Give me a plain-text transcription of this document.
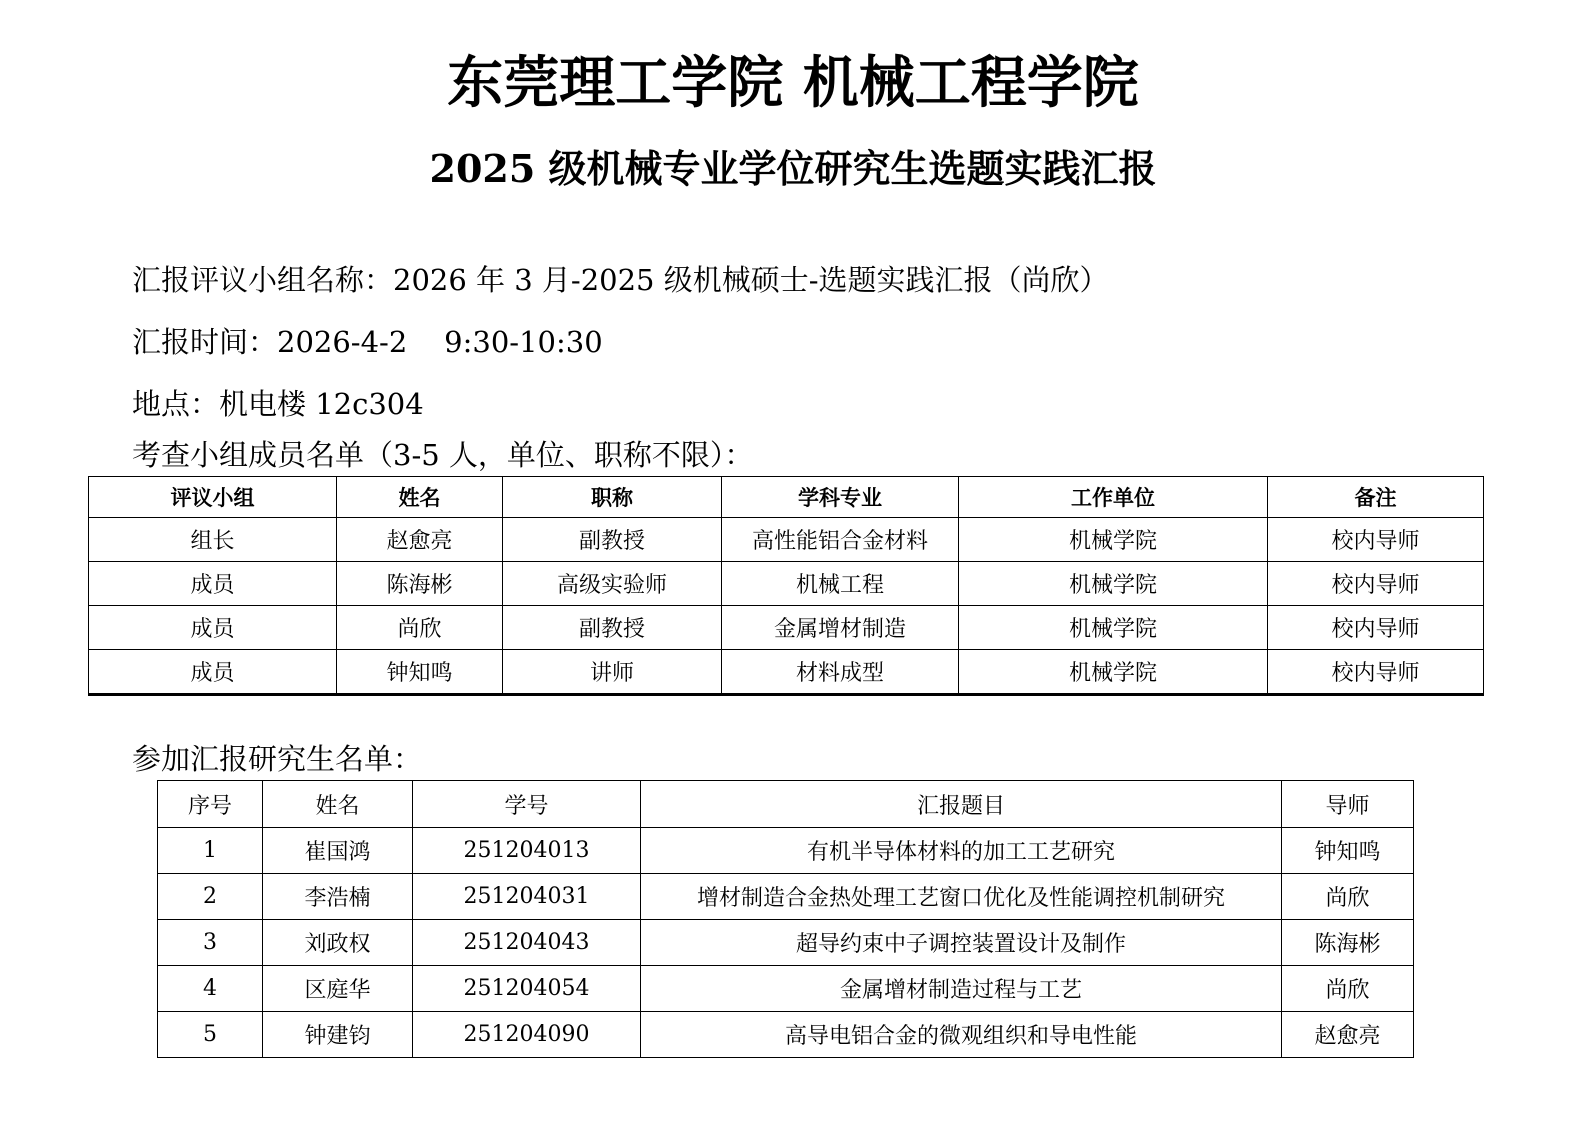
东莞理工学院 机械工程学院
2025 级机械专业学位研究生选题实践汇报
汇报评议小组名称：2026 年 3 月-2025 级机械硕士-选题实践汇报（尚欣）
汇报时间：2026-4-2    9:30-10:30
地点：机电楼 12c304
考查小组成员名单（3-5 人，单位、职称不限）：
评议小组	姓名	职称	学科专业	工作单位	备注
组长	赵愈亮	副教授	高性能铝合金材料	机械学院	校内导师
成员	陈海彬	高级实验师	机械工程	机械学院	校内导师
成员	尚欣	副教授	金属增材制造	机械学院	校内导师
成员	钟知鸣	讲师	材料成型	机械学院	校内导师
参加汇报研究生名单：
序号	姓名	学号	汇报题目	导师
1	崔国鸿	251204013	有机半导体材料的加工工艺研究	钟知鸣
2	李浩楠	251204031	增材制造合金热处理工艺窗口优化及性能调控机制研究	尚欣
3	刘政权	251204043	超导约束中子调控装置设计及制作	陈海彬
4	区庭华	251204054	金属增材制造过程与工艺	尚欣
5	钟建钧	251204090	高导电铝合金的微观组织和导电性能	赵愈亮
